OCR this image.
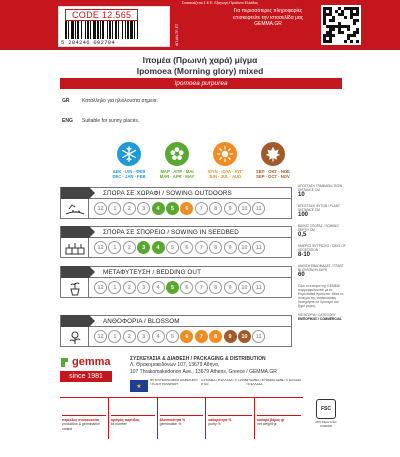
Συσκευάζεται Σ.Ε.Ε. Εξαγωγή Προϊόντα Ελλάδας
CODE 12.565
5 204246 002704	ΑΠ-ΑΝ-ΤΡ-ΕΤ
Για περισσότερες πληροφορίες επισκεφτείτε την ιστοσελίδα μας GEMMA.GR
Ιπομέα (Πρωινή χαρά) μίγμα
Ipomoea (Morning glory) mixed
Ipomoea purpurea
GR	Κατάλληλο για ηλιόλουστα σημεία.
ENG	Suitable for sunny places.
ΔΕΚ · ΙΑΝ · ΦΕΒ
DEC · JAN · FEB
ΜΑΡ · ΑΠΡ · ΜΑΙ
MAR · APR · MAY
ΙΟΥΝ · ΙΟΥΛ · ΑΥΓ
JUN · JUL · AUG
ΣΕΠ · ΟΚΤ · ΝΟΕ
SEP · OCT · NOV
ΣΠΟΡΑ ΣΕ ΧΩΡΑΦΙ / SOWING OUTDOORS
12	1	2	3	4	5	6	7	8	9	10	11
ΣΠΟΡΑ ΣΕ ΣΠΟΡΕΙΟ / SOWING IN SEEDBED
12	1	2	3	4	5	6	7	8	9	10	11
ΜΕΤΑΦΥΤΕΥΣΗ / BEDDING OUT
12	1	2	3	4	5	6	7	8	9	10	11
ΑΝΘΟΦΟΡΙΑ / BLOSSOM
12	1	2	3	4	5	6	7	8	9	10	11
ΑΠΟΣΤΑΣΗ ΓΡΑΜΜΩΝ / ROW DISTANCE CM
10
ΑΠΟΣΤΑΣΗ ΦΥΤΩΝ / PLANT DISTANCE CM
100
ΒΑΘΟΣ ΣΠΟΡΑΣ / SOWING DEPTH CM
0,5
ΗΜΕΡΕΣ ΦΥΤΡΩΣΗΣ / DAYS OF VEGETATION
8-10
ΑΝΘΙΣΗ ΕΒΔΟΜΑΔΕΣ / START BLOSSOM IN DAYS
60
Όλοι οι σπόροι της GEMMA συμμορφώνονται με τα Ευρωπαϊκά πρότυπα. Μετά το άνοιγμα της συσκευασίας διατηρήστε σε δροσερό και ξηρό μέρος.
ΚΑΤΗΓΟΡΙΑ / CATEGORY
ΕΜΠΟΡΙΚΟΣ / COMMERCIAL
gemma
since 1981
ΣΥΣΚΕΥΑΣΙΑ & ΔΙΑΘΕΣΗ / PACKAGING & DISTRIBUTION
Λ. Θρακομακεδόνων 107, 13679 Αθήνα,
107 Thrakomakedonon Ave., 13679 Athens, Greece / GEMMA.GR
★
ΦΥΤΟΥΓΕΙΟΝΟΜΙΚΟ ΔΙΑΒΑΤΗΡΙΟ / PLANT PASSPORT
A ΙΠΟΜΕΑ / B ΕΛΛΑΔΑ / C 12345 / D GR
A ΓΕΜΜΑ / B ΓΕΜΜΑ ΑΕΒΕ / C ΕΛΛΑΔΑ / D ΕΛΛΑΔΑ
περίοδος συσκευασίας
production & germination control
αριθμός παρτίδας
lot number
βλαστικότητα %
germination %
καθαρότητα %
purity %
καθαρό βάρος gr
net weight gr
FSC
MIX Paper FSC C000000
